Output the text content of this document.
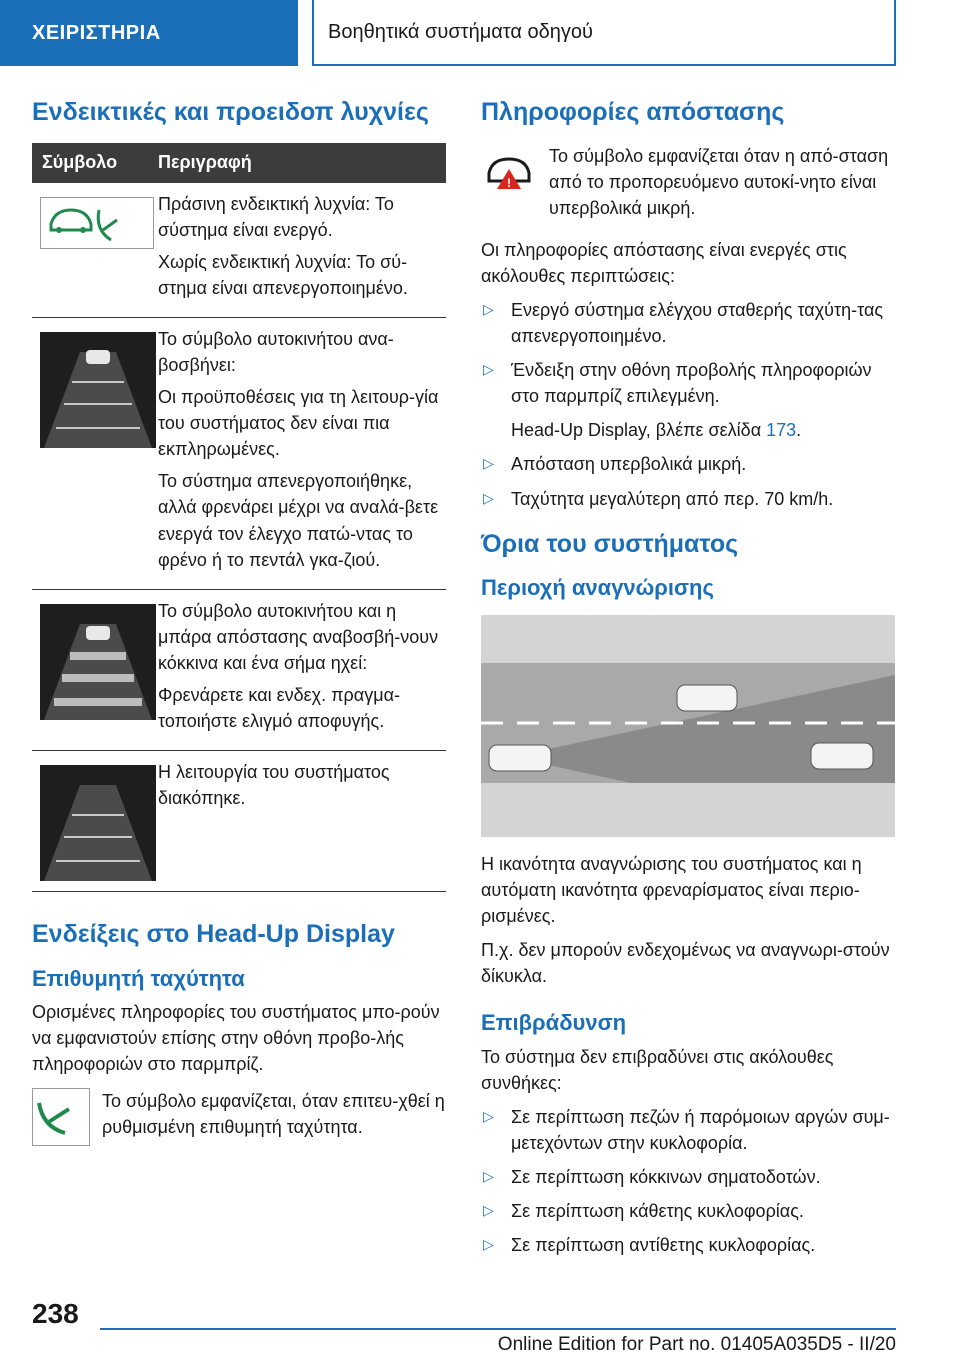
ΧΕΙΡΙΣΤΗΡΙΑ	Βοηθητικά συστήματα οδηγού
Ενδεικτικές και προειδοπ λυχνίες
Σύμβολο	Περιγραφή

Πράσινη ενδεικτική λυχνία: Το σύστημα είναι ενεργό.

Χωρίς ενδεικτική λυχνία: Το σύ-στημα είναι απενεργοποιημένο.

Το σύμβολο αυτοκινήτου ανα-βοσβήνει:

Οι προϋποθέσεις για τη λειτουρ-γία του συστήματος δεν είναι πια εκπληρωμένες.

Το σύστημα απενεργοποιήθηκε, αλλά φρενάρει μέχρι να αναλά-βετε ενεργά τον έλεγχο πατώ-ντας το φρένο ή το πεντάλ γκα-ζιού.

Το σύμβολο αυτοκινήτου και η μπάρα απόστασης αναβοσβή-νουν κόκκινα και ένα σήμα ηχεί:

Φρενάρετε και ενδεχ. πραγμα-τοποιήστε ελιγμό αποφυγής.

Η λειτουργία του συστήματος διακόπηκε.

Ενδείξεις στο Head-Up Display
Επιθυμητή ταχύτητα

Ορισμένες πληροφορίες του συστήματος μπο-ρούν να εμφανιστούν επίσης στην οθόνη προβο-λής πληροφοριών στο παρμπρίζ.

Το σύμβολο εμφανίζεται, όταν επιτευ-χθεί η ρυθμισμένη επιθυμητή ταχύτητα.

Πληροφορίες απόστασης
!

Το σύμβολο εμφανίζεται όταν η από-σταση από το προπορευόμενο αυτοκί-νητο είναι υπερβολικά μικρή.

Οι πληροφορίες απόστασης είναι ενεργές στις ακόλουθες περιπτώσεις:

▷ Ενεργό σύστημα ελέγχου σταθερής ταχύτη-τας απενεργοποιημένο.
▷ Ένδειξη στην οθόνη προβολής πληροφοριών στο παρμπρίζ επιλεγμένη.

Head-Up Display, βλέπε σελίδα 173.

▷ Απόσταση υπερβολικά μικρή.
▷ Ταχύτητα μεγαλύτερη από περ. 70 km/h.
Όρια του συστήματος
Περιοχή αναγνώρισης

Η ικανότητα αναγνώρισης του συστήματος και η αυτόματη ικανότητα φρεναρίσματος είναι περιο-ρισμένες.

Π.χ. δεν μπορούν ενδεχομένως να αναγνωρι-στούν δίκυκλα.

Επιβράδυνση

Το σύστημα δεν επιβραδύνει στις ακόλουθες συνθήκες:

▷ Σε περίπτωση πεζών ή παρόμοιων αργών συμ-μετεχόντων στην κυκλοφορία.
▷ Σε περίπτωση κόκκινων σηματοδοτών.
▷ Σε περίπτωση κάθετης κυκλοφορίας.
▷ Σε περίπτωση αντίθετης κυκλοφορίας.
238
Online Edition for Part no. 01405A035D5 - II/20
